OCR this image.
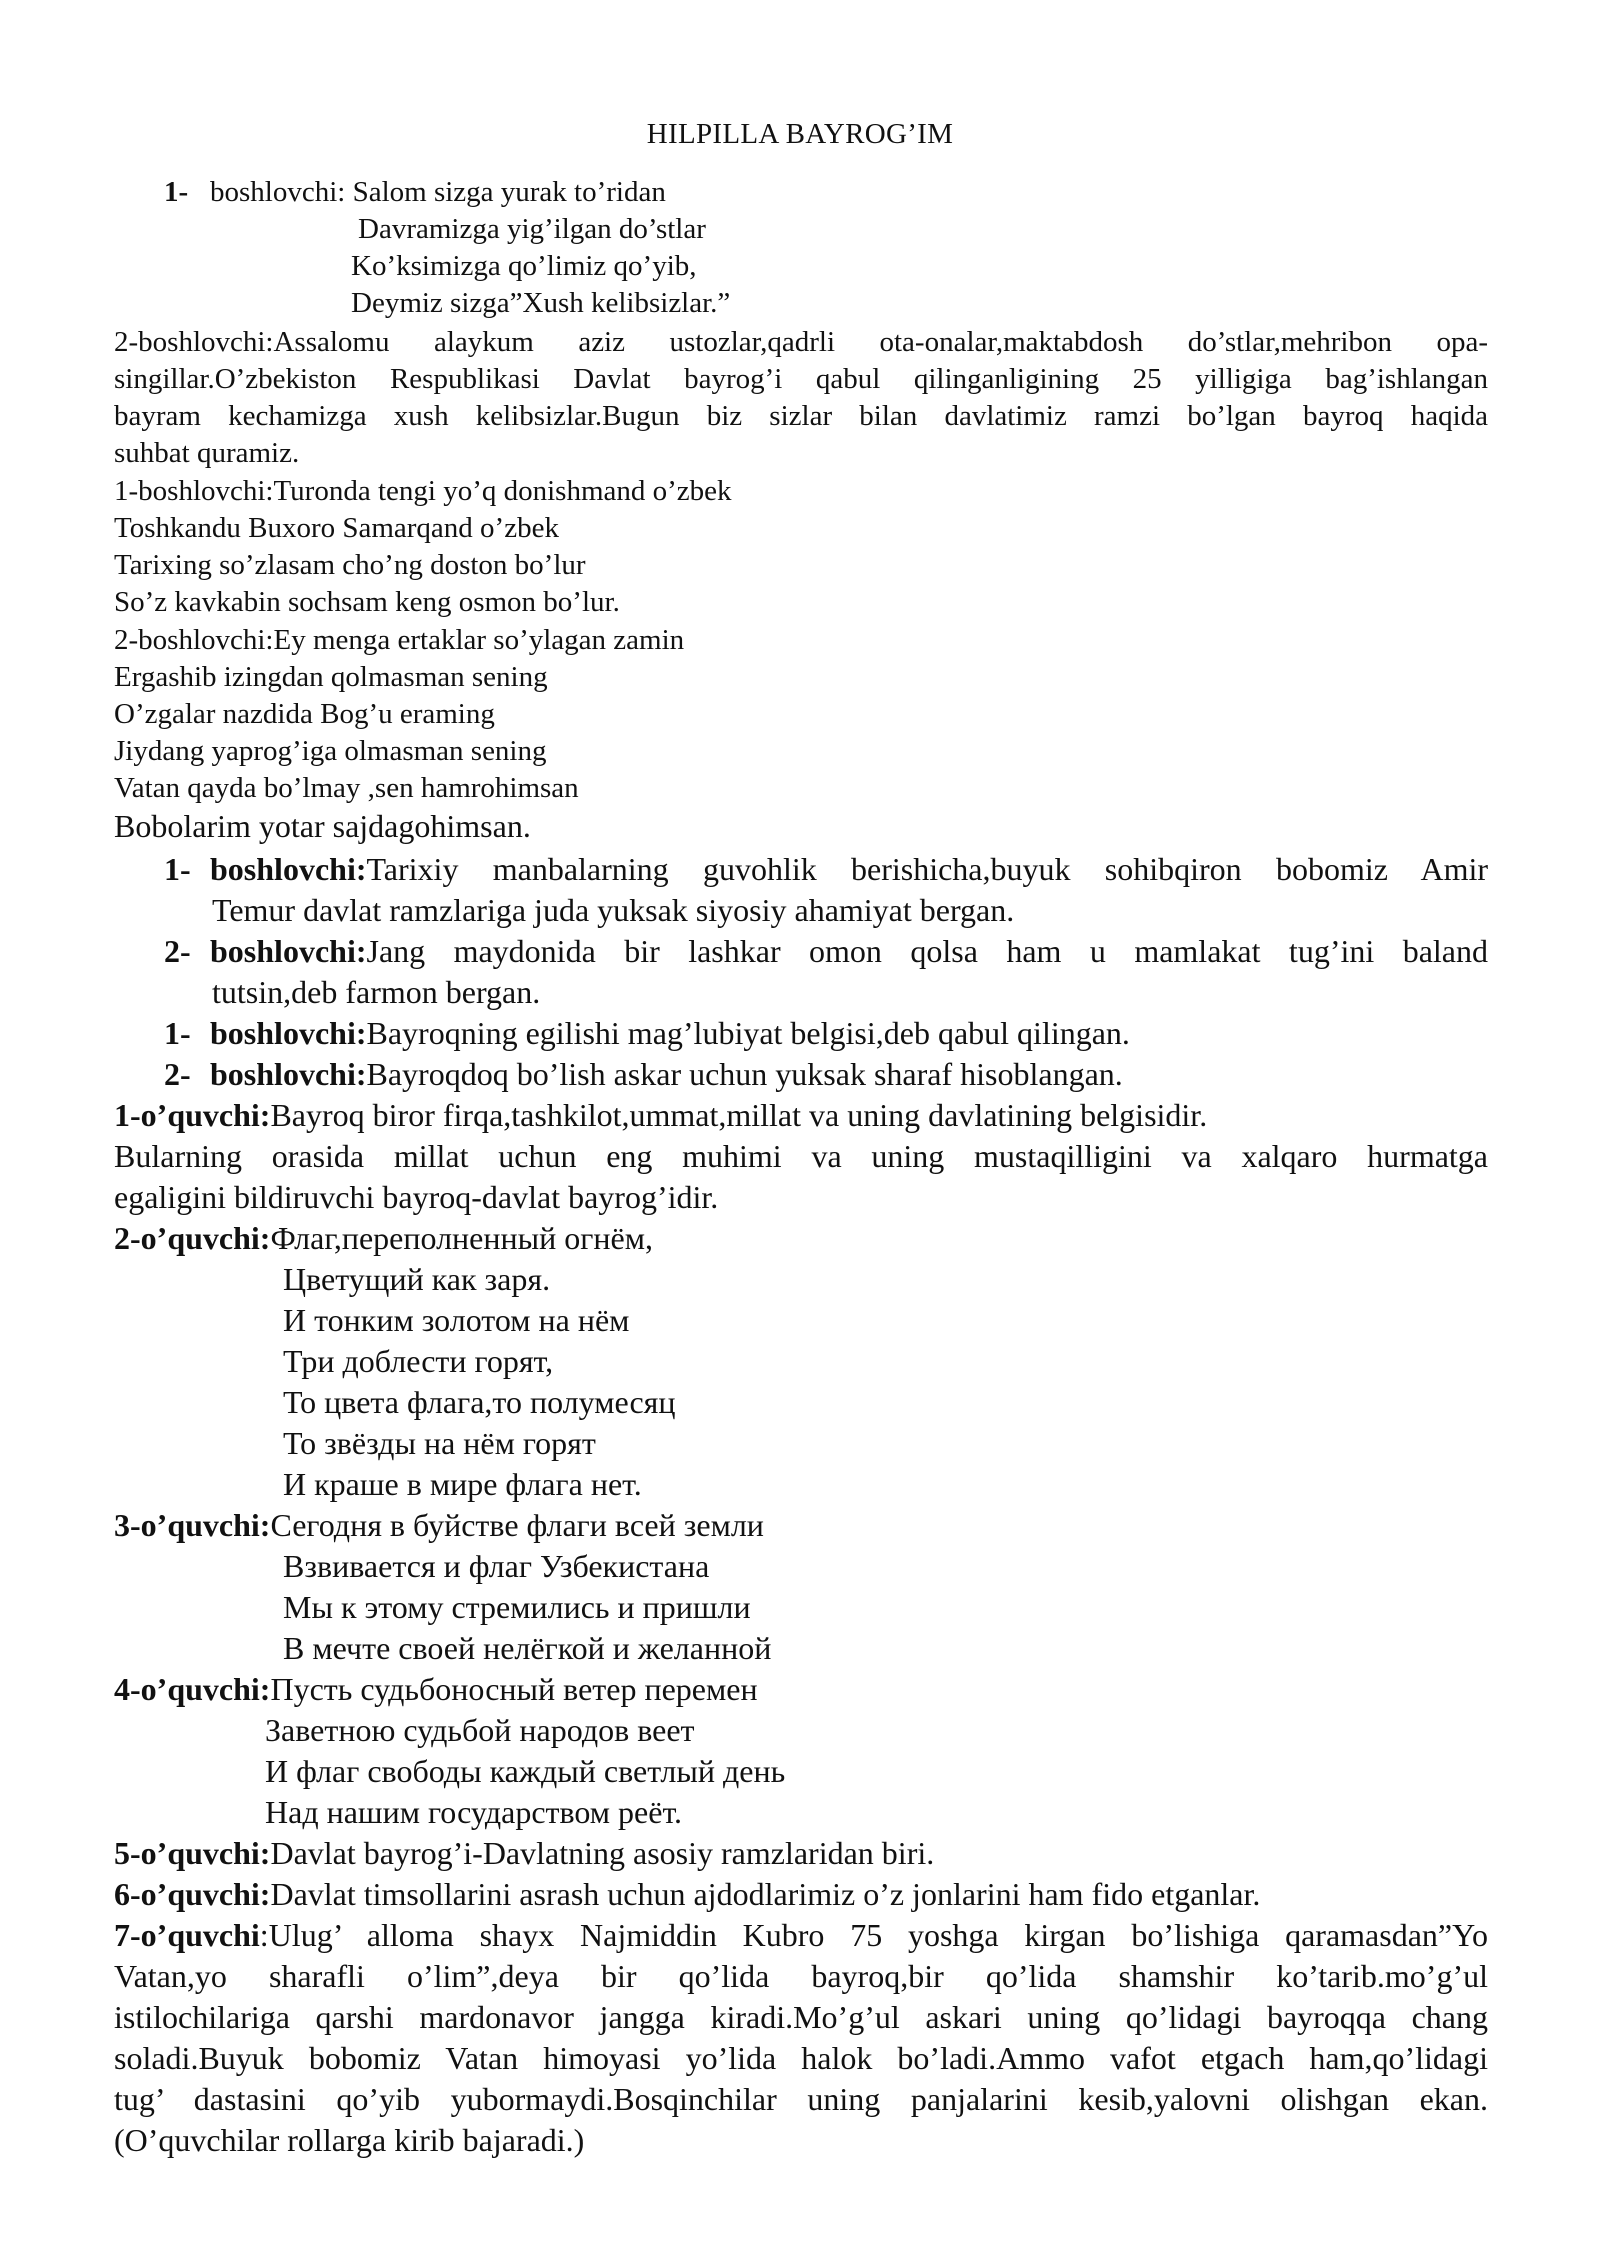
HILPILLA BAYROG’IM
1- boshlovchi: Salom sizga yurak to’ridan
Davramizga yig’ilgan do’stlar
Ko’ksimizga qo’limiz qo’yib,
Deymiz sizga”Xush kelibsizlar.”
2-boshlovchi:Assalomu alaykum aziz ustozlar,qadrli ota-onalar,maktabdosh do’stlar,mehribon opa-
singillar.O’zbekiston Respublikasi Davlat bayrog’i qabul qilinganligining 25 yilligiga bag’ishlangan
bayram kechamizga xush kelibsizlar.Bugun biz sizlar bilan davlatimiz ramzi bo’lgan bayroq haqida
suhbat quramiz.
1-boshlovchi:Turonda tengi yo’q donishmand o’zbek
Toshkandu Buxoro Samarqand o’zbek
Tarixing so’zlasam cho’ng doston bo’lur
So’z kavkabin sochsam keng osmon bo’lur.
2-boshlovchi:Ey menga ertaklar so’ylagan zamin
Ergashib izingdan qolmasman sening
O’zgalar nazdida Bog’u eraming
Jiydang yaprog’iga olmasman sening
Vatan qayda bo’lmay ,sen hamrohimsan
Bobolarim yotar sajdagohimsan.
1- boshlovchi:Tarixiy manbalarning guvohlik berishicha,buyuk sohibqiron bobomiz Amir
Temur davlat ramzlariga juda yuksak siyosiy ahamiyat bergan.
2- boshlovchi:Jang maydonida bir lashkar omon qolsa ham u mamlakat tug’ini baland
tutsin,deb farmon bergan.
1- boshlovchi:Bayroqning egilishi mag’lubiyat belgisi,deb qabul qilingan.
2- boshlovchi:Bayroqdoq bo’lish askar uchun yuksak sharaf hisoblangan.
1-o’quvchi:Bayroq biror firqa,tashkilot,ummat,millat va uning davlatining belgisidir.
Bularning orasida millat uchun eng muhimi va uning mustaqilligini va xalqaro hurmatga
egaligini bildiruvchi bayroq-davlat bayrog’idir.
2-o’quvchi:Флаг,переполненный огнём,
Цветущий как заря.
И тонким золотом на нём
Три доблести горят,
То цвета флага,то полумесяц
То звёзды на нём горят
И краше в мире флага нет.
3-o’quvchi:Сегодня в буйстве флаги всей земли
Взвивается и флаг Узбекистана
Мы к этому стремились и пришли
В мечте своей нелёгкой и желанной
4-o’quvchi:Пусть судьбоносный ветер перемен
Заветною судьбой народов веет
И флаг свободы каждый светлый день
Над нашим государством реёт.
5-o’quvchi:Davlat bayrog’i-Davlatning asosiy ramzlaridan biri.
6-o’quvchi:Davlat timsollarini asrash uchun ajdodlarimiz o’z jonlarini ham fido etganlar.
7-o’quvchi:Ulug’ alloma shayx Najmiddin Kubro 75 yoshga kirgan bo’lishiga qaramasdan”Yo
Vatan,yo sharafli o’lim”,deya bir qo’lida bayroq,bir qo’lida shamshir ko’tarib.mo’g’ul
istilochilariga qarshi mardonavor jangga kiradi.Mo’g’ul askari uning qo’lidagi bayroqqa chang
soladi.Buyuk bobomiz Vatan himoyasi yo’lida halok bo’ladi.Ammo vafot etgach ham,qo’lidagi
tug’ dastasini qo’yib yubormaydi.Bosqinchilar uning panjalarini kesib,yalovni olishgan ekan.
(O’quvchilar rollarga kirib bajaradi.)
